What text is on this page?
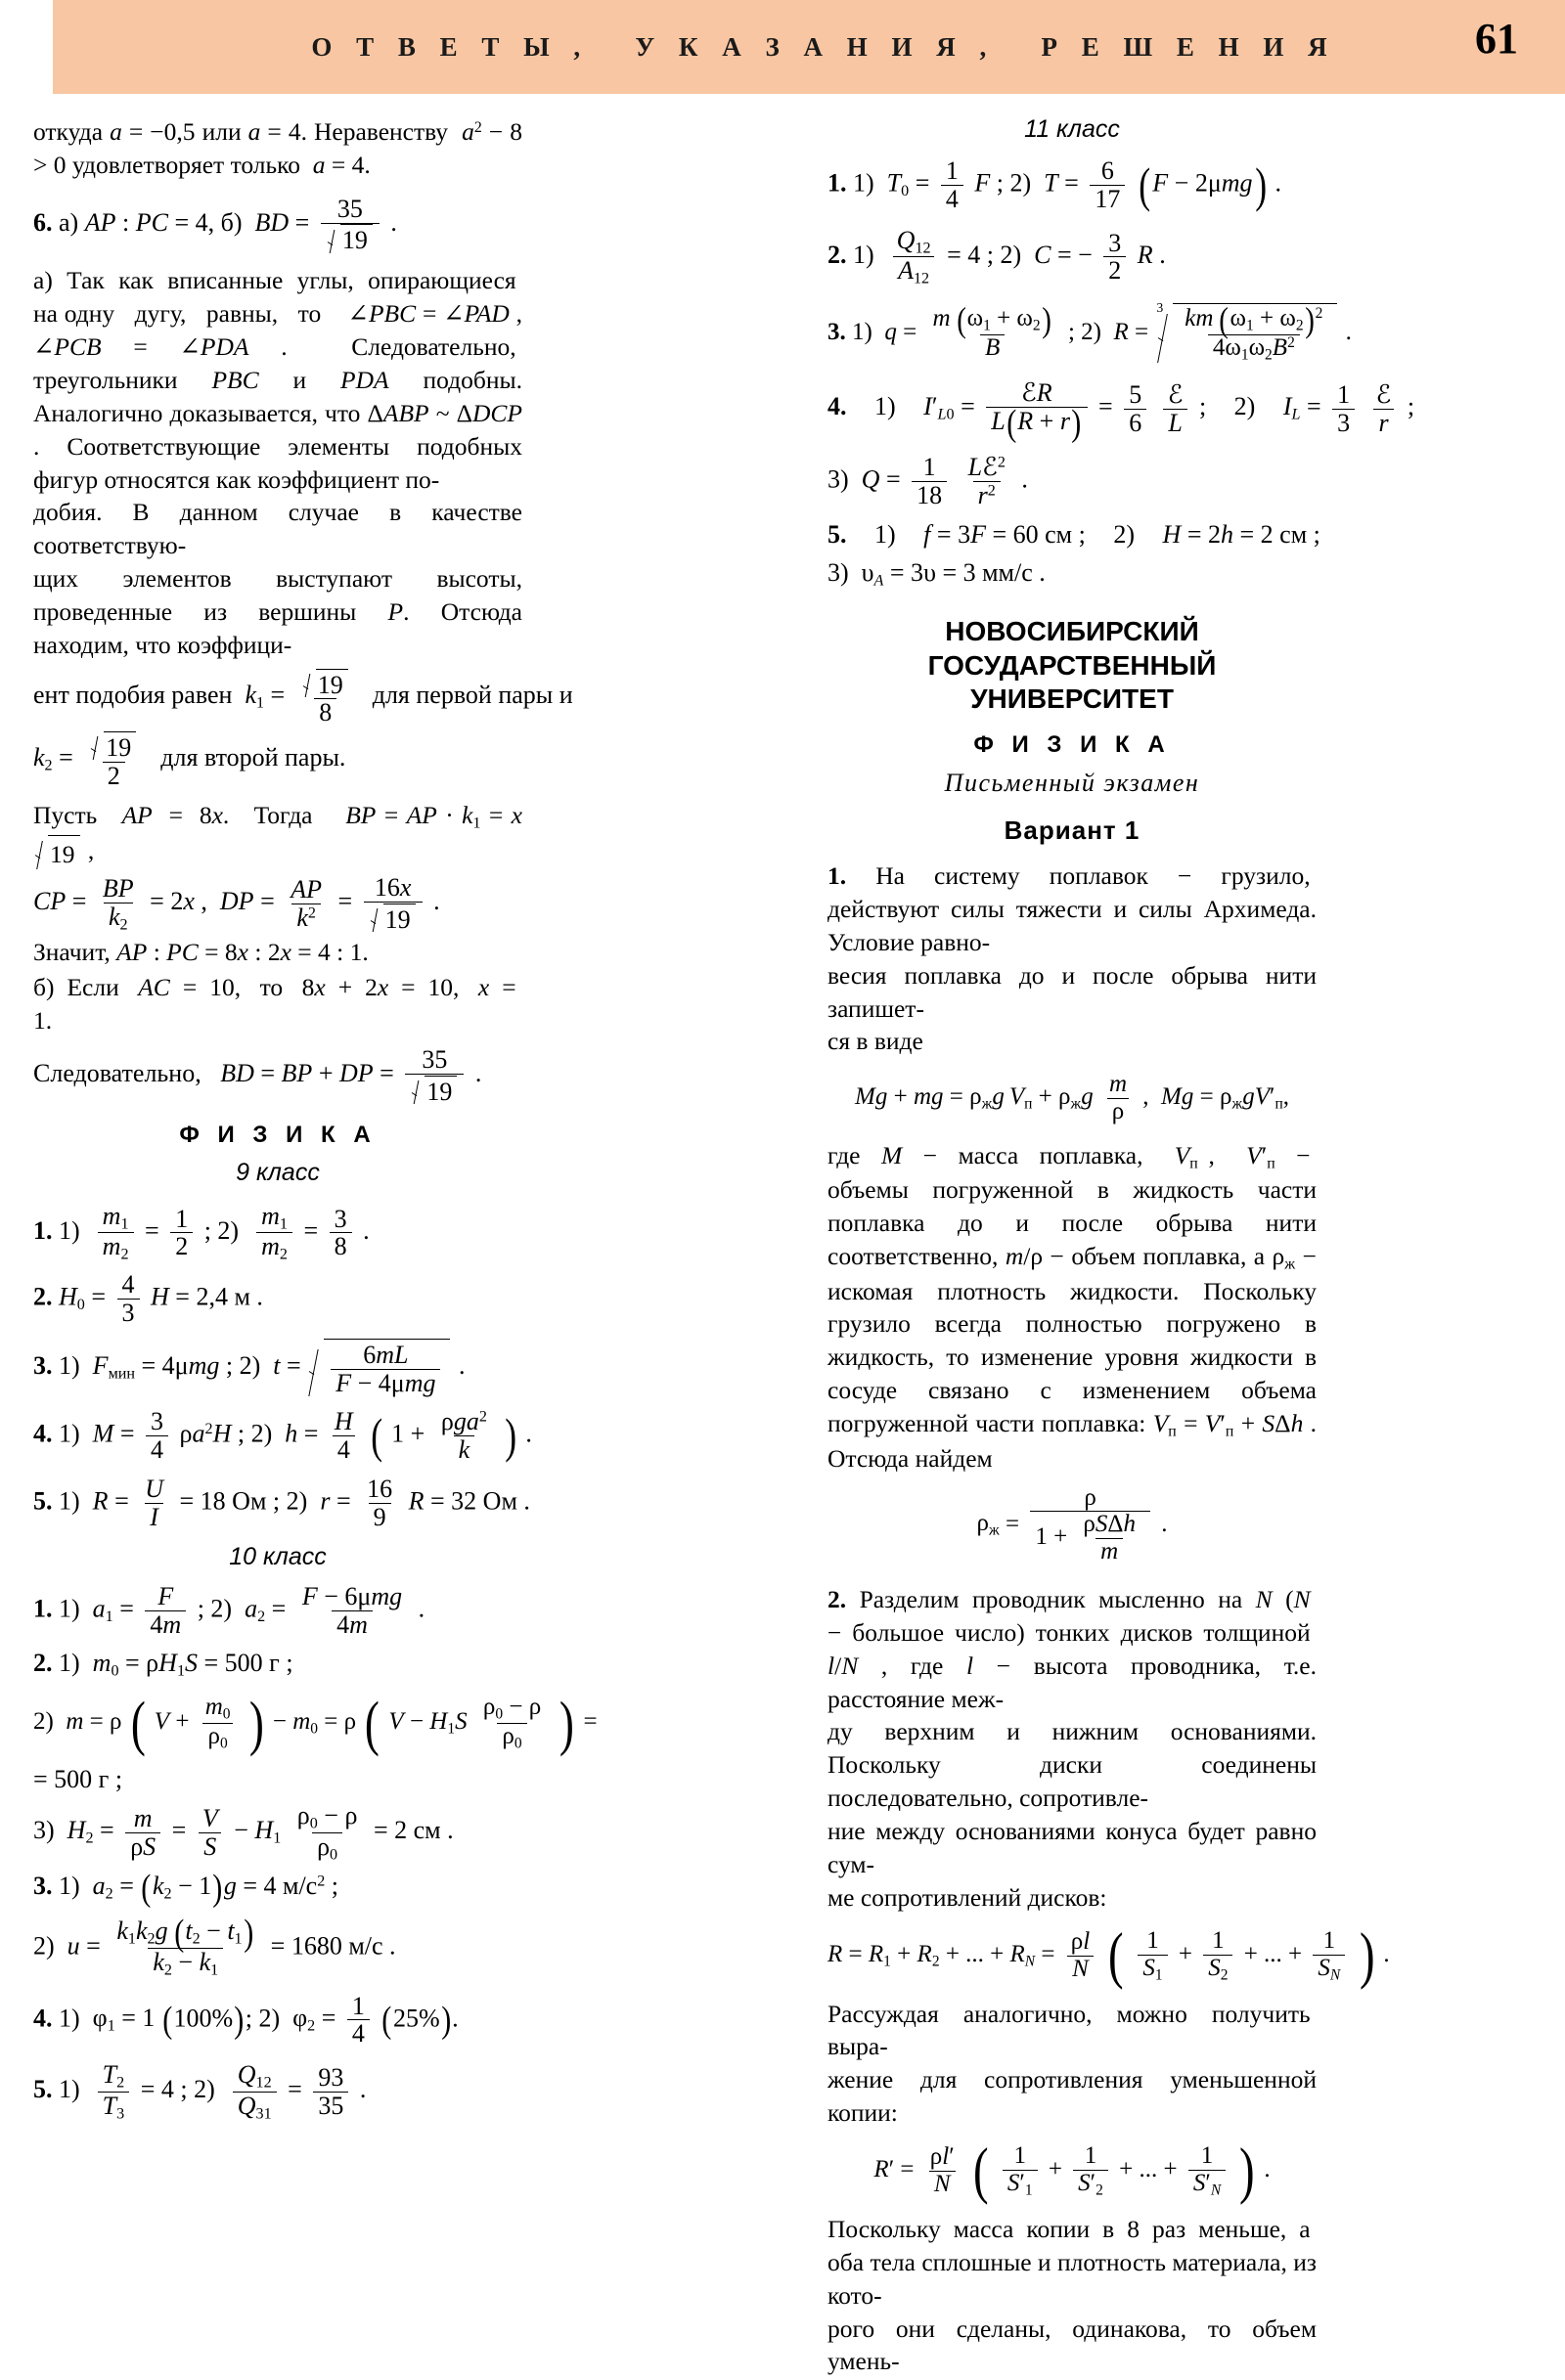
О Т В Е Т Ы ,   У К А З А Н И Я ,   Р Е Ш Е Н И Я	61

откуда a = −0,5 или a = 4. Неравенству  $a^2 - 8 > 0$ удовлетворяет только  a = 4.

6. а) AP : PC = 4, б) BD = $\frac{35}{19}$ .

а)  Так  как  вписанные  углы,  опирающиеся  на одну   дугу,   равны,   то    ∠PBC = ∠PAD , ∠PCB = ∠PDA .  Следовательно,  треугольники PBC и PDA подобны. Аналогично доказывается, что ΔABP ~ ΔDCP . Соответствующие элементы подобных фигур относятся как коэффициент по-
добия. В данном случае в качестве соответствую-
щих элементов выступают высоты, проведенные из вершины P. Отсюда находим, что коэффици-

ент подобия равен $k_1 = \frac{19}{8}$ для первой пары и
$k_2 = \frac{19}{2}$ для второй пары.

Пусть   AP  =  8x.   Тогда    BP = AP · $k_1 = x$
19 ,

CP = $\frac{BP}{k_2} = 2x$ , DP = $\frac{AP}{k^2} = \frac{16x}{19}$ .

Значит, AP : PC = 8x : 2x = 4 : 1.

б)  Если   AC  =  10,   то   8x  +  2x  =  10,   x  =  1.

Следовательно, BD = BP + DP = $\frac{35}{19}$ .
Ф И З И К А
9 класс
1. $1) \frac{m_1}{m_2} = \frac{1}{2}$ ; $2) \frac{m_1}{m_2} = \frac{3}{8}$ .
2. $H_0 = \frac{4}{3}$ H = 2,4 м .
3. 1) $F_{мин} = 4\mu mg$ ; 2) $t = \frac{6mL}{\text{F − 4μmg}}$ .
4. 1) $M = \frac{3}{4} \rho a^2H$ ; 2) $h = \frac{H}{4}$ ( $1 + \frac{\rho ga^2}{k}$ ) .
5. 1) $R = \frac{U}{I} = 18$ Ом ; 2) $r = \frac{16}{9}$ R = 32 Ом .
10 класс
1. 1) $a_1 = \frac{F}{4m}$ ; 2) $a_2 = \frac{\text{F − 6μmg}}{4m}$ .
2. 1) $m_0 = \rho H_1S = 500$ г ;
2) m = ρ ( $V + \frac{m_0}{\rho_0}$ ) − $m_0 = \rho$ ( $V - H_1S \frac{\rho_0 - \rho}{\rho_0}$ ) =
= 500 г ;
3) $H_2 = \frac{m}{\rho S} = \frac{V}{S} - H_1 \frac{\rho_0 - \rho}{\rho_0} = 2$ см .
3. 1) $a_2 = (k_2 - 1)g = 4$ $м/с^2$ ;
2) $u = \frac{k_1k_2g (t_2 - t_1)}{k_2 - k_1} = 1680$ м/с .
4. 1) $\varphi_1 = 1$ (100%); 2) $\varphi_2 = \frac{1}{4} (25\%)$.
5. $1) \frac{T_2}{T_3} = 4$ ; $2) \frac{Q_{12}}{Q_{31}} = \frac{93}{35}$ .
11 класс
1. 1) $T_0 = \frac{1}{4}$ F ; 2) $T = \frac{6}{17} (F - 2\mu mg)$ .
2. $1) \frac{Q_{12}}{A_{12}} = 4$ ; 2) C = − $\frac{3}{2}$ R .
3. 1) $q = \frac{m (\omega_1 + \omega_2)}{B}$ ; 2) R =
$3 \frac{km (\omega_1 + \omega_2)^2}{4\omega_1\omega_2B^2}$ .
4. 1) $I'_{L0} = \frac{\text{ℰR}}{L(R + r)} = \frac{5}{6}$
$\frac{\text{ℰ}}{L}$ ; 2) $I_L = \frac{1}{3}$
$\frac{\text{ℰ}}{r}$ ;
3) $Q = \frac{1}{18}$
$\frac{Lℰ^2}{r^2}$ .
5. 1) f = 3F = 60 см ; 2) H = 2h = 2 см ;
3) $\upsilon_A = 3\upsilon = 3$ мм/с .
НОВОСИБИРСКИЙ ГОСУДАРСТВЕННЫЙ УНИВЕРСИТЕТ
Ф И З И К А
Письменный экзамен
Вариант 1

1.  На  систему  поплавок  −  грузило,  действуют силы тяжести и силы Архимеда. Условие равно-
весия поплавка до и после обрыва нити запишет-
ся в виде

Mg + mg = $\rho_жg$  $V_п + \rho_жg \frac{m}{\rho}$ , $Mg = \rho_жgV'_п$,

где  M  −  масса  поплавка,   $V_п$ ,   $V'_п$  −  объемы погруженной в жидкость части поплавка до и после обрыва нити соответственно, m/ρ − объем поплавка, а $\rho_ж$ − искомая плотность жидкости. Поскольку грузило всегда полностью погружено в жидкость, то изменение уровня жидкости в сосуде связано с изменением объема погруженной части поплавка: $V_п = V'_п + S\Delta h$ . Отсюда найдем

$\rho_ж = \frac{\rho}{1 + \frac{\text{ρSΔh}}{m}}$ .

2.  Разделим  проводник  мысленно  на  N  (N  − большое число) тонких дисков толщиной  l/N , где l − высота проводника, т.е. расстояние меж-
ду верхним и нижним основаниями. Поскольку диски соединены последовательно, сопротивле-
ние между основаниями конуса будет равно сум-
ме сопротивлений дисков:

$R = R_1 + R_2$ + ... + $R_N = \frac{\rho l}{N}$ ( $\frac{1}{S_1} + \frac{1}{S_2}$ + ... + $\frac{1}{S_N}$ ) .

Рассуждая  аналогично,  можно  получить  выра-
жение для сопротивления уменьшенной копии:

$R' = \frac{\rho l'}{N}$ ( $\frac{1}{S'_1} + \frac{1}{S'_2}$ + ... + $\frac{1}{S'_N}$ ) .

Поскольку  масса  копии  в  8  раз  меньше,  а  оба тела сплошные и плотность материала, из кото-
рого они сделаны, одинакова, то объем умень-
